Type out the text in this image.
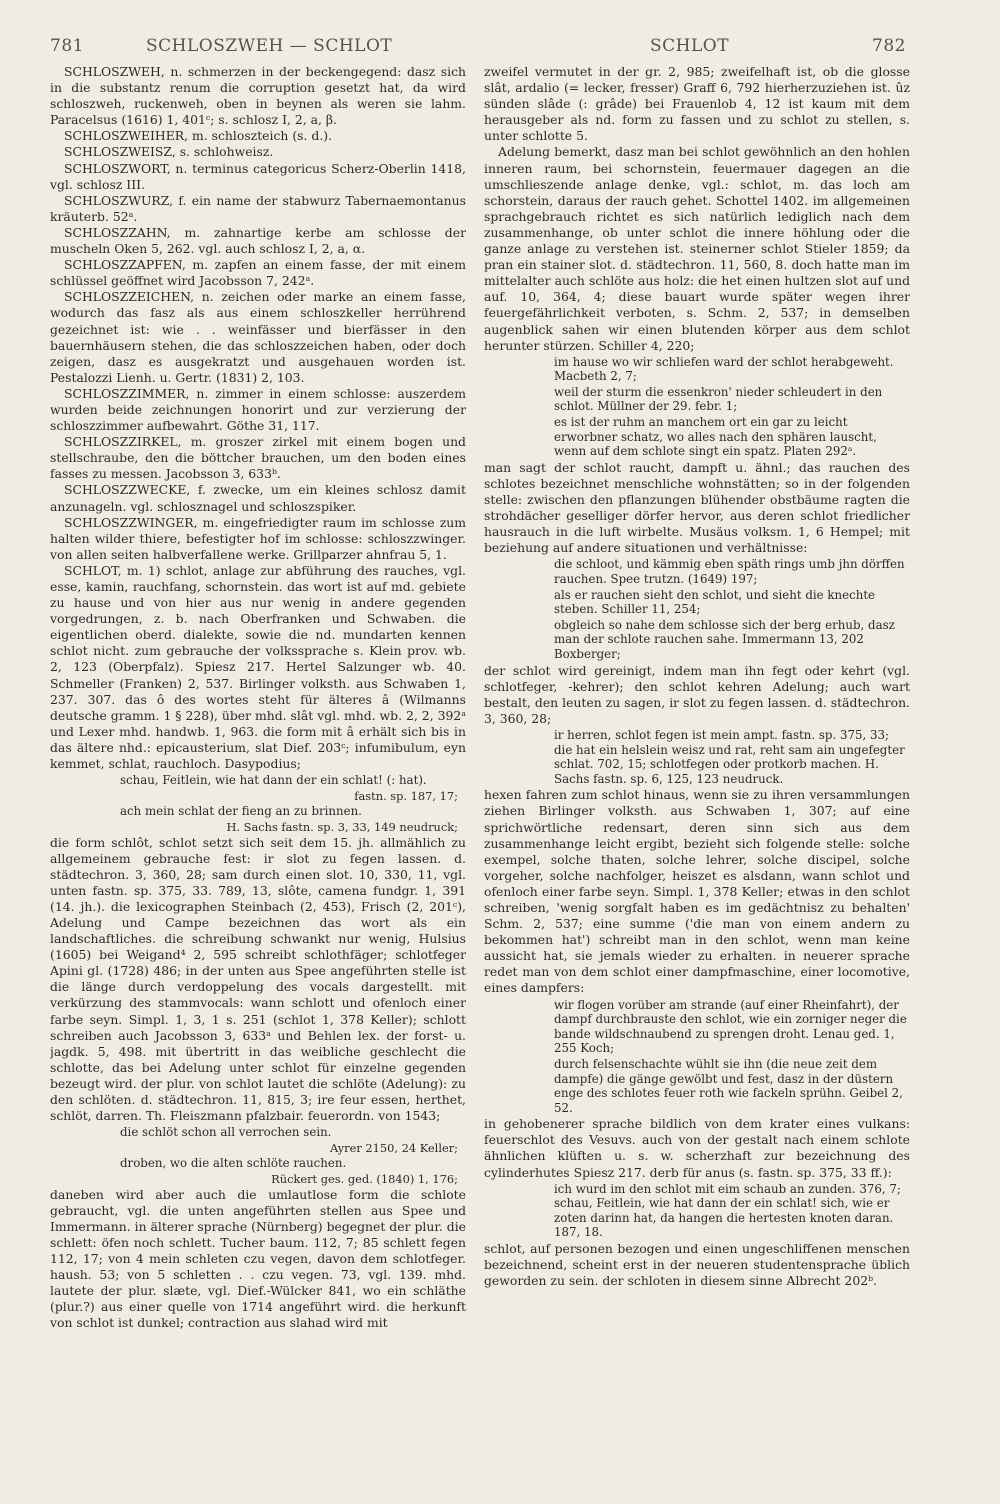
781	SCHLOSZWEH — SCHLOT	SCHLOT	782

SCHLOSZWEH, n. schmerzen in der beckengegend: dasz sich in die substantz renum die corruption gesetzt hat, da wird schloszweh, ruckenweh, oben in beynen als weren sie lahm. Paracelsus (1616) 1, 401ᶜ; s. schlosz I, 2, a, β.

SCHLOSZWEIHER, m. schloszteich (s. d.).

SCHLOSZWEISZ, s. schlohweisz.

SCHLOSZWORT, n. terminus categoricus Scherz-Oberlin 1418, vgl. schlosz III.

SCHLOSZWURZ, f. ein name der stabwurz Tabernaemontanus kräuterb. 52ᵃ.

SCHLOSZZAHN, m. zahnartige kerbe am schlosse der muscheln Oken 5, 262. vgl. auch schlosz I, 2, a, α.

SCHLOSZZAPFEN, m. zapfen an einem fasse, der mit einem schlüssel geöffnet wird Jacobsson 7, 242ᵃ.

SCHLOSZZEICHEN, n. zeichen oder marke an einem fasse, wodurch das fasz als aus einem schloszkeller herrührend gezeichnet ist: wie . . weinfässer und bierfässer in den bauernhäusern stehen, die das schloszzeichen haben, oder doch zeigen, dasz es ausgekratzt und ausgehauen worden ist. Pestalozzi Lienh. u. Gertr. (1831) 2, 103.

SCHLOSZZIMMER, n. zimmer in einem schlosse: auszerdem wurden beide zeichnungen honorirt und zur verzierung der schloszzimmer aufbewahrt. Göthe 31, 117.

SCHLOSZZIRKEL, m. groszer zirkel mit einem bogen und stellschraube, den die böttcher brauchen, um den boden eines fasses zu messen. Jacobsson 3, 633ᵇ.

SCHLOSZZWECKE, f. zwecke, um ein kleines schlosz damit anzunageln. vgl. schlosznagel und schloszspiker.

SCHLOSZZWINGER, m. eingefriedigter raum im schlosse zum halten wilder thiere, befestigter hof im schlosse: schloszzwinger. von allen seiten halbverfallene werke. Grillparzer ahnfrau 5, 1.

SCHLOT, m. 1) schlot, anlage zur abführung des rauches, vgl. esse, kamin, rauchfang, schornstein. das wort ist auf md. gebiete zu hause und von hier aus nur wenig in andere gegenden vorgedrungen, z. b. nach Oberfranken und Schwaben. die eigentlichen oberd. dialekte, sowie die nd. mundarten kennen schlot nicht. zum gebrauche der volkssprache s. Klein prov. wb. 2, 123 (Oberpfalz). Spiesz 217. Hertel Salzunger wb. 40. Schmeller (Franken) 2, 537. Birlinger volksth. aus Schwaben 1, 237. 307. das ô des wortes steht für älteres â (Wilmanns deutsche gramm. 1 § 228), über mhd. slât vgl. mhd. wb. 2, 2, 392ᵃ und Lexer mhd. handwb. 1, 963. die form mit â erhält sich bis in das ältere nhd.: epicausterium, slat Dief. 203ᶜ; infumibulum, eyn kemmet, schlat, rauchloch. Dasypodius;

schau, Feitlein, wie hat dann der ein schlat! (: hat).

fastn. sp. 187, 17;

ach mein schlat der fieng an zu brinnen.

H. Sachs fastn. sp. 3, 33, 149 neudruck;

die form schlôt, schlot setzt sich seit dem 15. jh. allmählich zu allgemeinem gebrauche fest: ir slot zu fegen lassen. d. städtechron. 3, 360, 28; sam durch einen slot. 10, 330, 11, vgl. unten fastn. sp. 375, 33. 789, 13, slôte, camena fundgr. 1, 391 (14. jh.). die lexicographen Steinbach (2, 453), Frisch (2, 201ᶜ), Adelung und Campe bezeichnen das wort als ein landschaftliches. die schreibung schwankt nur wenig, Hulsius (1605) bei Weigand⁴ 2, 595 schreibt schlothfäger; schlotfeger Apini gl. (1728) 486; in der unten aus Spee angeführten stelle ist die länge durch verdoppelung des vocals dargestellt. mit verkürzung des stammvocals: wann schlott und ofenloch einer farbe seyn. Simpl. 1, 3, 1 s. 251 (schlot 1, 378 Keller); schlott schreiben auch Jacobsson 3, 633ᵃ und Behlen lex. der forst- u. jagdk. 5, 498. mit übertritt in das weibliche geschlecht die schlotte, das bei Adelung unter schlot für einzelne gegenden bezeugt wird. der plur. von schlot lautet die schlöte (Adelung): zu den schlöten. d. städtechron. 11, 815, 3; ire feur essen, herthet, schlöt, darren. Th. Fleiszmann pfalzbair. feuerordn. von 1543;

die schlöt schon all verrochen sein.

Ayrer 2150, 24 Keller;

droben, wo die alten schlöte rauchen.

Rückert ges. ged. (1840) 1, 176;

daneben wird aber auch die umlautlose form die schlote gebraucht, vgl. die unten angeführten stellen aus Spee und Immermann. in älterer sprache (Nürnberg) begegnet der plur. die schlett: öfen noch schlett. Tucher baum. 112, 7; 85 schlett fegen 112, 17; von 4 mein schleten czu vegen, davon dem schlotfeger. haush. 53; von 5 schletten . . czu vegen. 73, vgl. 139. mhd. lautete der plur. slæte, vgl. Dief.-Wülcker 841, wo ein schläthe (plur.?) aus einer quelle von 1714 angeführt wird. die herkunft von schlot ist dunkel; contraction aus slahad wird mit

zweifel vermutet in der gr. 2, 985; zweifelhaft ist, ob die glosse slât, ardalio (= lecker, fresser) Graff 6, 792 hierherzuziehen ist. ûz sünden slâde (: grâde) bei Frauenlob 4, 12 ist kaum mit dem herausgeber als nd. form zu fassen und zu schlot zu stellen, s. unter schlotte 5.

Adelung bemerkt, dasz man bei schlot gewöhnlich an den hohlen inneren raum, bei schornstein, feuermauer dagegen an die umschlieszende anlage denke, vgl.: schlot, m. das loch am schorstein, daraus der rauch gehet. Schottel 1402. im allgemeinen sprachgebrauch richtet es sich natürlich lediglich nach dem zusammenhange, ob unter schlot die innere höhlung oder die ganze anlage zu verstehen ist. steinerner schlot Stieler 1859; da pran ein stainer slot. d. städtechron. 11, 560, 8. doch hatte man im mittelalter auch schlöte aus holz: die het einen hultzen slot auf und auf. 10, 364, 4; diese bauart wurde später wegen ihrer feuergefährlichkeit verboten, s. Schm. 2, 537; in demselben augenblick sahen wir einen blutenden körper aus dem schlot herunter stürzen. Schiller 4, 220;

im hause wo wir schliefen ward der schlot herabgeweht. Macbeth 2, 7;

weil der sturm die essenkron' nieder schleudert in den schlot. Müllner der 29. febr. 1;

es ist der ruhm an manchem ort ein gar zu leicht erworbner schatz, wo alles nach den sphären lauscht, wenn auf dem schlote singt ein spatz. Platen 292ᵃ.

man sagt der schlot raucht, dampft u. ähnl.; das rauchen des schlotes bezeichnet menschliche wohnstätten; so in der folgenden stelle: zwischen den pflanzungen blühender obstbäume ragten die strohdächer geselliger dörfer hervor, aus deren schlot friedlicher hausrauch in die luft wirbelte. Musäus volksm. 1, 6 Hempel; mit beziehung auf andere situationen und verhältnisse:

die schloot, und kämmig eben späth rings umb jhn dörffen rauchen. Spee trutzn. (1649) 197;

als er rauchen sieht den schlot, und sieht die knechte steben. Schiller 11, 254;

obgleich so nahe dem schlosse sich der berg erhub, dasz man der schlote rauchen sahe. Immermann 13, 202 Boxberger;

der schlot wird gereinigt, indem man ihn fegt oder kehrt (vgl. schlotfeger, -kehrer); den schlot kehren Adelung; auch wart bestalt, den leuten zu sagen, ir slot zu fegen lassen. d. städtechron. 3, 360, 28;

ir herren, schlot fegen ist mein ampt. fastn. sp. 375, 33; die hat ein helslein weisz und rat, reht sam ain ungefegter schlat. 702, 15; schlotfegen oder protkorb machen. H. Sachs fastn. sp. 6, 125, 123 neudruck.

hexen fahren zum schlot hinaus, wenn sie zu ihren versammlungen ziehen Birlinger volksth. aus Schwaben 1, 307; auf eine sprichwörtliche redensart, deren sinn sich aus dem zusammenhange leicht ergibt, bezieht sich folgende stelle: solche exempel, solche thaten, solche lehrer, solche discipel, solche vorgeher, solche nachfolger, heiszet es alsdann, wann schlot und ofenloch einer farbe seyn. Simpl. 1, 378 Keller; etwas in den schlot schreiben, 'wenig sorgfalt haben es im gedächtnisz zu behalten' Schm. 2, 537; eine summe ('die man von einem andern zu bekommen hat') schreibt man in den schlot, wenn man keine aussicht hat, sie jemals wieder zu erhalten. in neuerer sprache redet man von dem schlot einer dampfmaschine, einer locomotive, eines dampfers:

wir flogen vorüber am strande (auf einer Rheinfahrt), der dampf durchbrauste den schlot, wie ein zorniger neger die bande wildschnaubend zu sprengen droht. Lenau ged. 1, 255 Koch;

durch felsenschachte wühlt sie ihn (die neue zeit dem dampfe) die gänge gewölbt und fest, dasz in der düstern enge des schlotes feuer roth wie fackeln sprühn. Geibel 2, 52.

in gehobenerer sprache bildlich von dem krater eines vulkans: feuerschlot des Vesuvs. auch von der gestalt nach einem schlote ähnlichen klüften u. s. w. scherzhaft zur bezeichnung des cylinderhutes Spiesz 217. derb für anus (s. fastn. sp. 375, 33 ff.):

ich wurd im den schlot mit eim schaub an zunden. 376, 7; schau, Feitlein, wie hat dann der ein schlat! sich, wie er zoten darinn hat, da hangen die hertesten knoten daran. 187, 18.

schlot, auf personen bezogen und einen ungeschliffenen menschen bezeichnend, scheint erst in der neueren studentensprache üblich geworden zu sein. der schloten in diesem sinne Albrecht 202ᵇ.
